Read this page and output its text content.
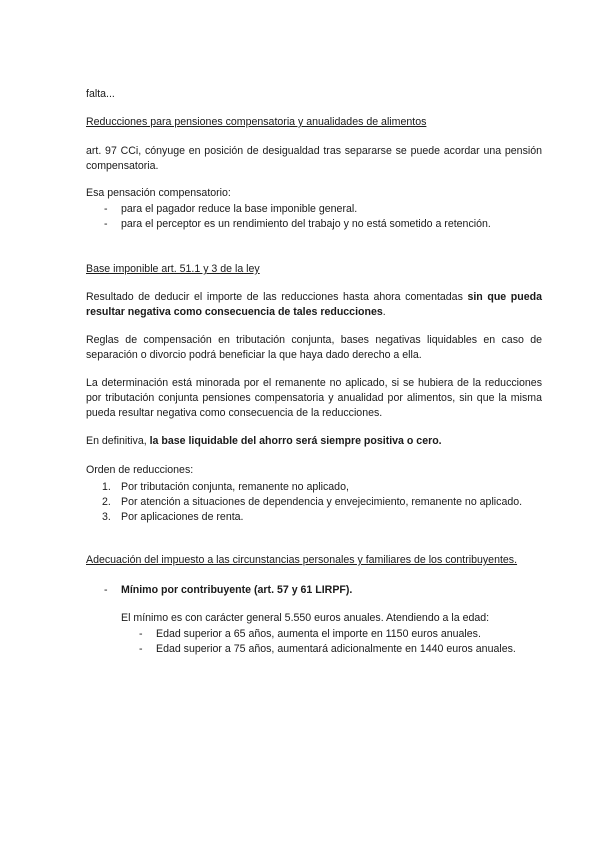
falta...
Reducciones para pensiones compensatoria y anualidades de alimentos
art. 97 CCi, cónyuge en posición de desigualdad tras separarse se puede acordar una pensión compensatoria.
Esa pensación compensatorio:
- para el pagador reduce la base imponible general.
- para el perceptor es un rendimiento del trabajo y no está sometido a retención.
Base imponible art. 51.1 y 3 de la ley
Resultado de deducir el importe de las reducciones hasta ahora comentadas sin que pueda resultar negativa como consecuencia de tales reducciones.
Reglas de compensación en tributación conjunta, bases negativas liquidables en caso de separación o divorcio podrá beneficiar la que haya dado derecho a ella.
La determinación está minorada por el remanente no aplicado, si se hubiera de la reducciones por tributación conjunta pensiones compensatoria y anualidad por alimentos, sin que la misma pueda resultar negativa como consecuencia de la reducciones.
En definitiva, la base liquidable del ahorro será siempre positiva o cero.
Orden de reducciones:
1. Por tributación conjunta, remanente no aplicado,
2. Por atención a situaciones de dependencia y envejecimiento, remanente no aplicado.
3. Por aplicaciones de renta.
Adecuación del impuesto a las circunstancias personales y familiares de los contribuyentes.
- Mínimo por contribuyente (art. 57 y 61 LIRPF).
El mínimo es con carácter general 5.550 euros anuales. Atendiendo a la edad:
- Edad superior a 65 años, aumenta el importe en 1150 euros anuales.
- Edad superior a 75 años, aumentará adicionalmente en 1440 euros anuales.
